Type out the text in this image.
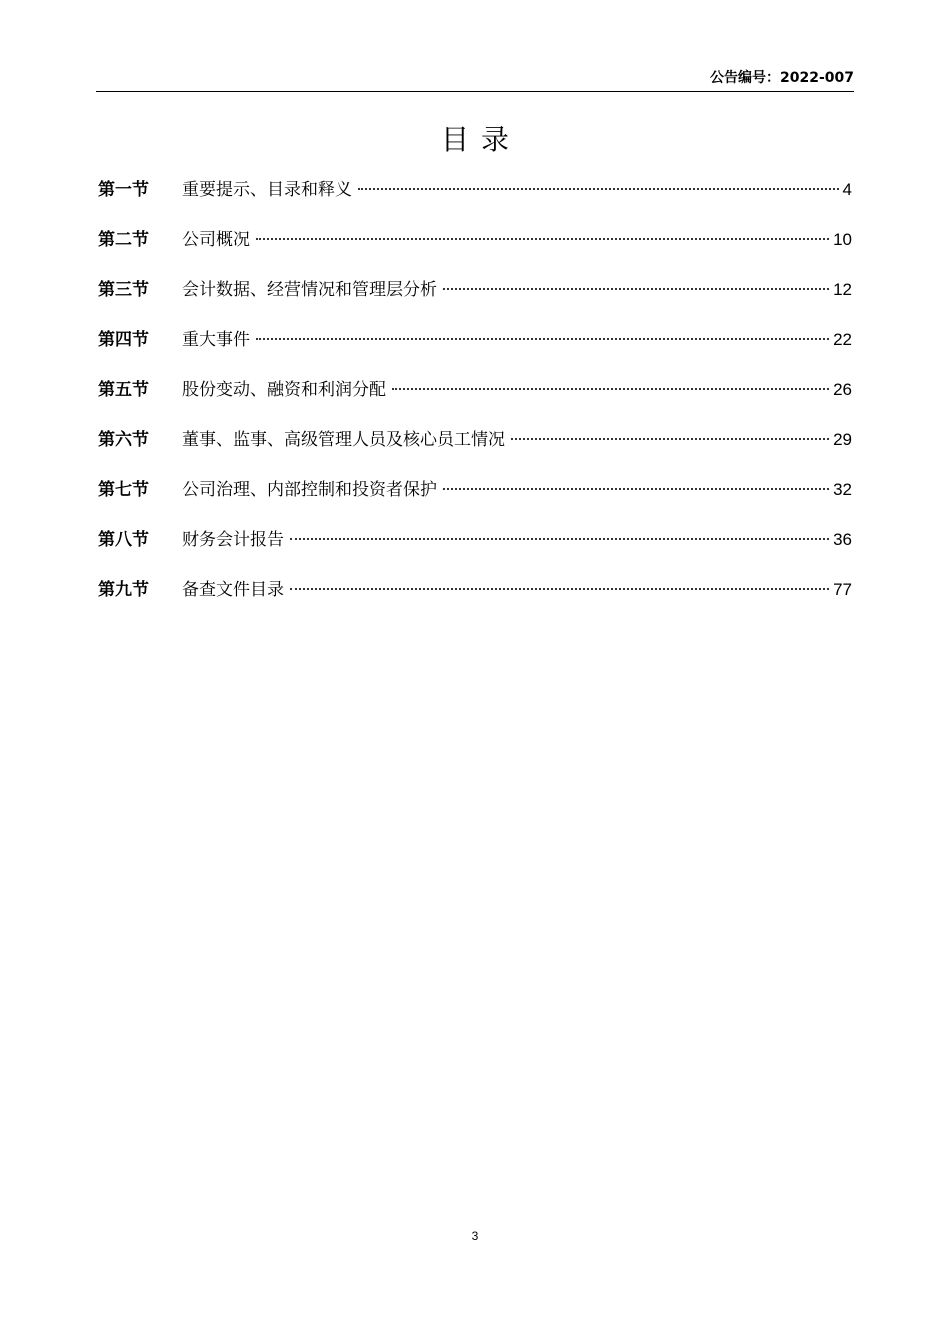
公告编号：2022-007
目录
第一节	重要提示、目录和释义	4
第二节	公司概况	10
第三节	会计数据、经营情况和管理层分析	12
第四节	重大事件	22
第五节	股份变动、融资和利润分配	26
第六节	董事、监事、高级管理人员及核心员工情况	29
第七节	公司治理、内部控制和投资者保护	32
第八节	财务会计报告	36
第九节	备查文件目录	77
3
